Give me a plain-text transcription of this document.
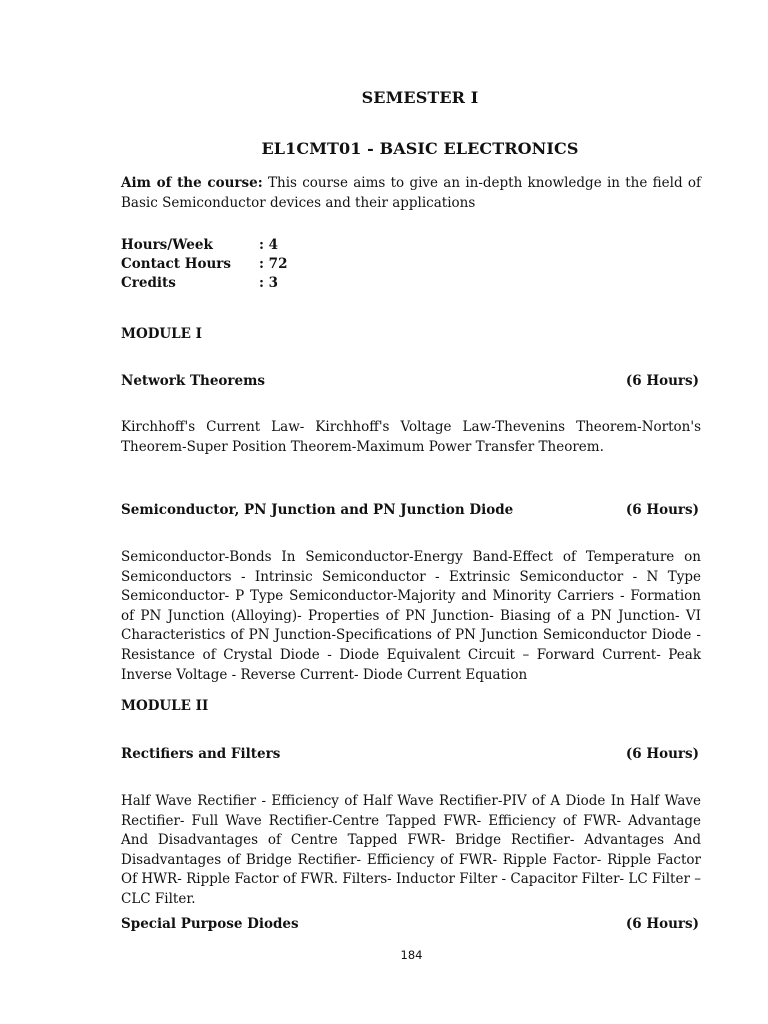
SEMESTER I
EL1CMT01 - BASIC ELECTRONICS
Aim of the course: This course aims to give an in-depth knowledge in the field of Basic Semiconductor devices and their applications
Hours/Week	: 4
Contact Hours	: 72
Credits	: 3
MODULE I
Network Theorems	(6 Hours)
Kirchhoff's Current Law- Kirchhoff's Voltage Law-Thevenins Theorem-Norton's Theorem-Super Position Theorem-Maximum Power Transfer Theorem.
Semiconductor, PN Junction and PN Junction Diode	(6 Hours)
Semiconductor-Bonds In Semiconductor-Energy Band-Effect of Temperature on Semiconductors - Intrinsic Semiconductor - Extrinsic Semiconductor - N Type Semiconductor- P Type Semiconductor-Majority and Minority Carriers - Formation of PN Junction (Alloying)- Properties of PN Junction- Biasing of a PN Junction- VI Characteristics of PN Junction-Specifications of PN Junction Semiconductor Diode - Resistance of Crystal Diode - Diode Equivalent Circuit – Forward Current- Peak Inverse Voltage - Reverse Current- Diode Current Equation
MODULE II
Rectifiers and Filters	(6 Hours)
Half Wave Rectifier - Efficiency of Half Wave Rectifier-PIV of A Diode In Half Wave Rectifier- Full Wave Rectifier-Centre Tapped FWR- Efficiency of FWR- Advantage And Disadvantages of Centre Tapped FWR- Bridge Rectifier- Advantages And Disadvantages of Bridge Rectifier- Efficiency of FWR- Ripple Factor- Ripple Factor Of HWR- Ripple Factor of FWR. Filters- Inductor Filter - Capacitor Filter- LC Filter – CLC Filter.
Special Purpose Diodes	(6 Hours)
184
